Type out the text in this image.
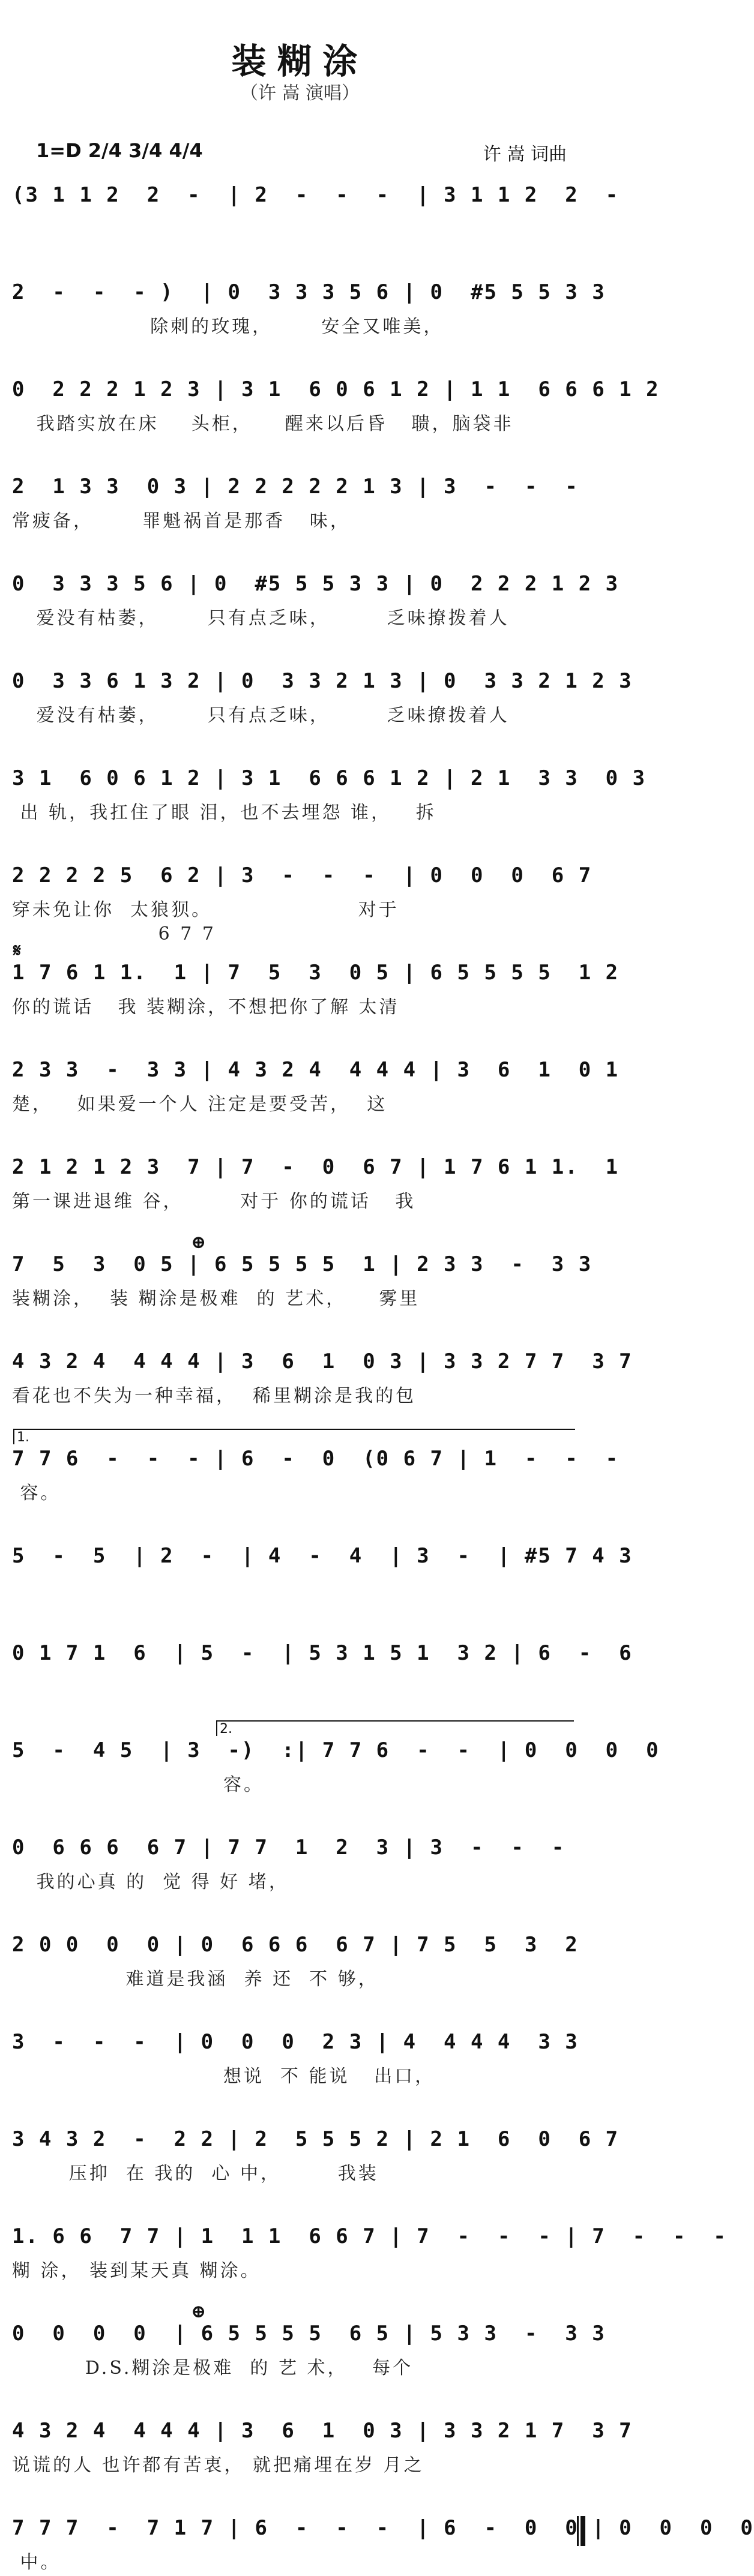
装糊涂
（许 嵩 演唱）
1=D 2/4 3/4 4/4	许 嵩 词曲
(3 1 1 2  2  -  | 2  -  -  -  | 3 1 1 2  2  -
2  -  -  - )  | 0  3 3 3 5 6 | 0  #5 5 5 3 3
除刺的玫瑰，      安全又唯美，
0  2 2 2 1 2 3 | 3 1  6 0 6 1 2 | 1 1  6 6 6 1 2
我踏实放在床    头柜，    醒来以后昏   聩，脑袋非
2  1 3 3  0 3 | 2 2 2 2 2 1 3 | 3  -  -  -
常疲备，      罪魁祸首是那香   味，
0  3 3 3 5 6 | 0  #5 5 5 3 3 | 0  2 2 2 1 2 3
爱没有枯萎，      只有点乏味，       乏味撩拨着人
0  3 3 6 1 3 2 | 0  3 3 2 1 3 | 0  3 3 2 1 2 3
爱没有枯萎，      只有点乏味，       乏味撩拨着人
3 1  6 0 6 1 2 | 3 1  6 6 6 1 2 | 2 1  3 3  0 3
出 轨，我扛住了眼 泪，也不去埋怨 谁，   拆
2 2 2 2 5  6 2 | 3  -  -  -  | 0  0  0  6 7
穿未免让你  太狼狈。                  对于
6 7 7
1 7 6 1 1.  1 | 7  5  3  0 5 | 6 5 5 5 5  1 2
你的谎话   我 装糊涂，不想把你了解 太清
2 3 3  -  3 3 | 4 3 2 4  4 4 4 | 3  6  1  0 1
楚，   如果爱一个人 注定是要受苦，  这
2 1 2 1 2 3  7 | 7  -  0  6 7 | 1 7 6 1 1.  1
第一课进退维 谷，       对于 你的谎话   我
7  5  3  0 5 | 6 5 5 5 5  1 | 2 3 3  -  3 3
装糊涂，  装 糊涂是极难  的 艺术，    雾里
4 3 2 4  4 4 4 | 3  6  1  0 3 | 3 3 2 7 7  3 7
看花也不失为一种幸福，  稀里糊涂是我的包
7 7 6  -  -  - | 6  -  0  (0 6 7 | 1  -  -  -
容。
5  -  5  | 2  -  | 4  -  4  | 3  -  | #5 7 4 3
0 1 7 1  6  | 5  -  | 5 3 1 5 1  3 2 | 6  -  6
5  -  4 5  | 3  -)  :| 7 7 6  -  -  | 0  0  0  0
容。
0  6 6 6  6 7 | 7 7  1  2  3 | 3  -  -  -
我的心真 的  觉 得 好 堵，
2 0 0  0  0 | 0  6 6 6  6 7 | 7 5  5  3  2
难道是我涵  养 还  不 够，
3  -  -  -  | 0  0  0  2 3 | 4  4 4 4  3 3
想说  不 能说   出口，
3 4 3 2  -  2 2 | 2  5 5 5 2 | 2 1  6  0  6 7
压抑  在 我的  心 中，       我装
1. 6 6  7 7 | 1  1 1  6 6 7 | 7  -  -  - | 7  -  -  -
糊 涂， 装到某天真 糊涂。
0  0  0  0  | 6 5 5 5 5  6 5 | 5 3 3  -  3 3
D.S.糊涂是极难  的 艺 术，   每个
4 3 2 4  4 4 4 | 3  6  1  0 3 | 3 3 2 1 7  3 7
说谎的人 也许都有苦衷， 就把痛埋在岁 月之
7 7 7  -  7 1 7 | 6  -  -  -  | 6  -  0  0 | 0  0  0  0
中。
𝄋
⊕
⊕
1.
2.
